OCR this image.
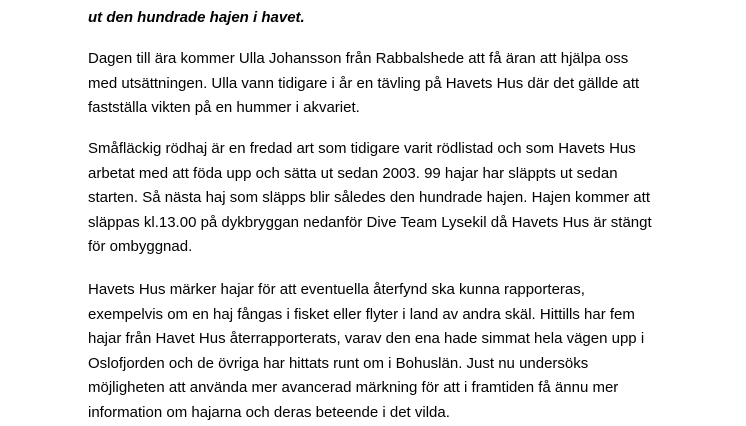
ut den hundrade hajen i havet.
Dagen till ära kommer Ulla Johansson från Rabbalshede att få äran att hjälpa oss
med utsättningen. Ulla vann tidigare i år en tävling på Havets Hus där det gällde att
fastställa vikten på en hummer i akvariet.
Småfläckig rödhaj är en fredad art som tidigare varit rödlistad och som Havets Hus
arbetat med att föda upp och sätta ut sedan 2003. 99 hajar har släppts ut sedan
starten. Så nästa haj som släpps blir således den hundrade hajen. Hajen kommer att
släppas kl.13.00 på dykbryggan nedanför Dive Team Lysekil då Havets Hus är stängt
för ombyggnad.
Havets Hus märker hajar för att eventuella återfynd ska kunna rapporteras,
exempelvis om en haj fångas i fisket eller flyter i land av andra skäl. Hittills har fem
hajar från Havet Hus återrapporterats, varav den ena hade simmat hela vägen upp i
Oslofjorden och de övriga har hittats runt om i Bohuslän. Just nu undersöks
möjligheten att använda mer avancerad märkning för att i framtiden få ännu mer
information om hajarna och deras beteende i det vilda.
